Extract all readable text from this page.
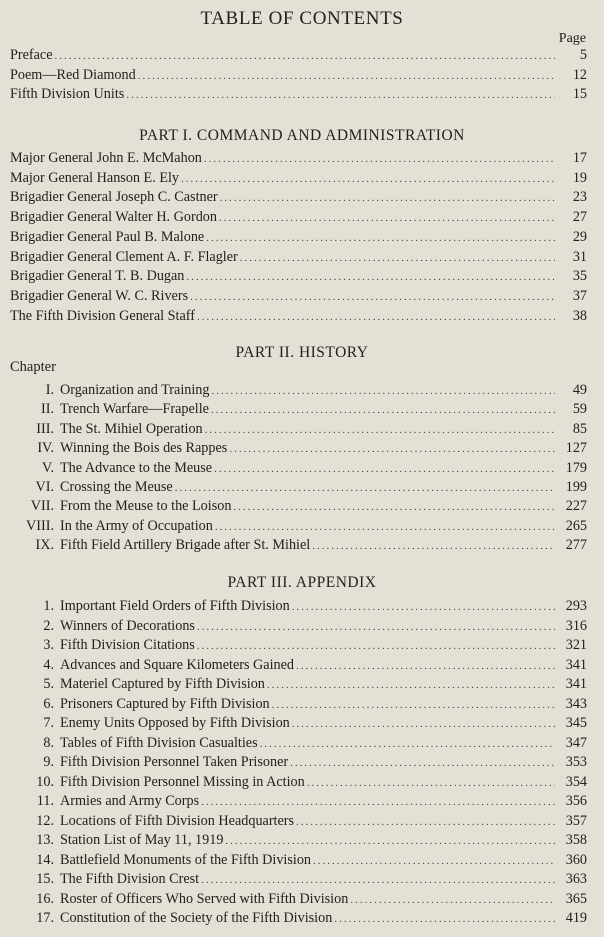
TABLE OF CONTENTS
Page
Preface .....	5
Poem—Red Diamond .....	12
Fifth Division Units .....	15
PART I. COMMAND AND ADMINISTRATION
Major General John E. McMahon .....	17
Major General Hanson E. Ely .....	19
Brigadier General Joseph C. Castner .....	23
Brigadier General Walter H. Gordon .....	27
Brigadier General Paul B. Malone .....	29
Brigadier General Clement A. F. Flagler .....	31
Brigadier General T. B. Dugan .....	35
Brigadier General W. C. Rivers .....	37
The Fifth Division General Staff .....	38
PART II. HISTORY
Chapter
I. Organization and Training .....	49
II. Trench Warfare—Frapelle .....	59
III. The St. Mihiel Operation .....	85
IV. Winning the Bois des Rappes .....	127
V. The Advance to the Meuse .....	179
VI. Crossing the Meuse .....	199
VII. From the Meuse to the Loison .....	227
VIII. In the Army of Occupation .....	265
IX. Fifth Field Artillery Brigade after St. Mihiel .....	277
PART III. APPENDIX
1. Important Field Orders of Fifth Division .....	293
2. Winners of Decorations .....	316
3. Fifth Division Citations .....	321
4. Advances and Square Kilometers Gained .....	341
5. Materiel Captured by Fifth Division .....	341
6. Prisoners Captured by Fifth Division .....	343
7. Enemy Units Opposed by Fifth Division .....	345
8. Tables of Fifth Division Casualties .....	347
9. Fifth Division Personnel Taken Prisoner .....	353
10. Fifth Division Personnel Missing in Action .....	354
11. Armies and Army Corps .....	356
12. Locations of Fifth Division Headquarters .....	357
13. Station List of May 11, 1919 .....	358
14. Battlefield Monuments of the Fifth Division .....	360
15. The Fifth Division Crest .....	363
16. Roster of Officers Who Served with Fifth Division .....	365
17. Constitution of the Society of the Fifth Division .....	419
